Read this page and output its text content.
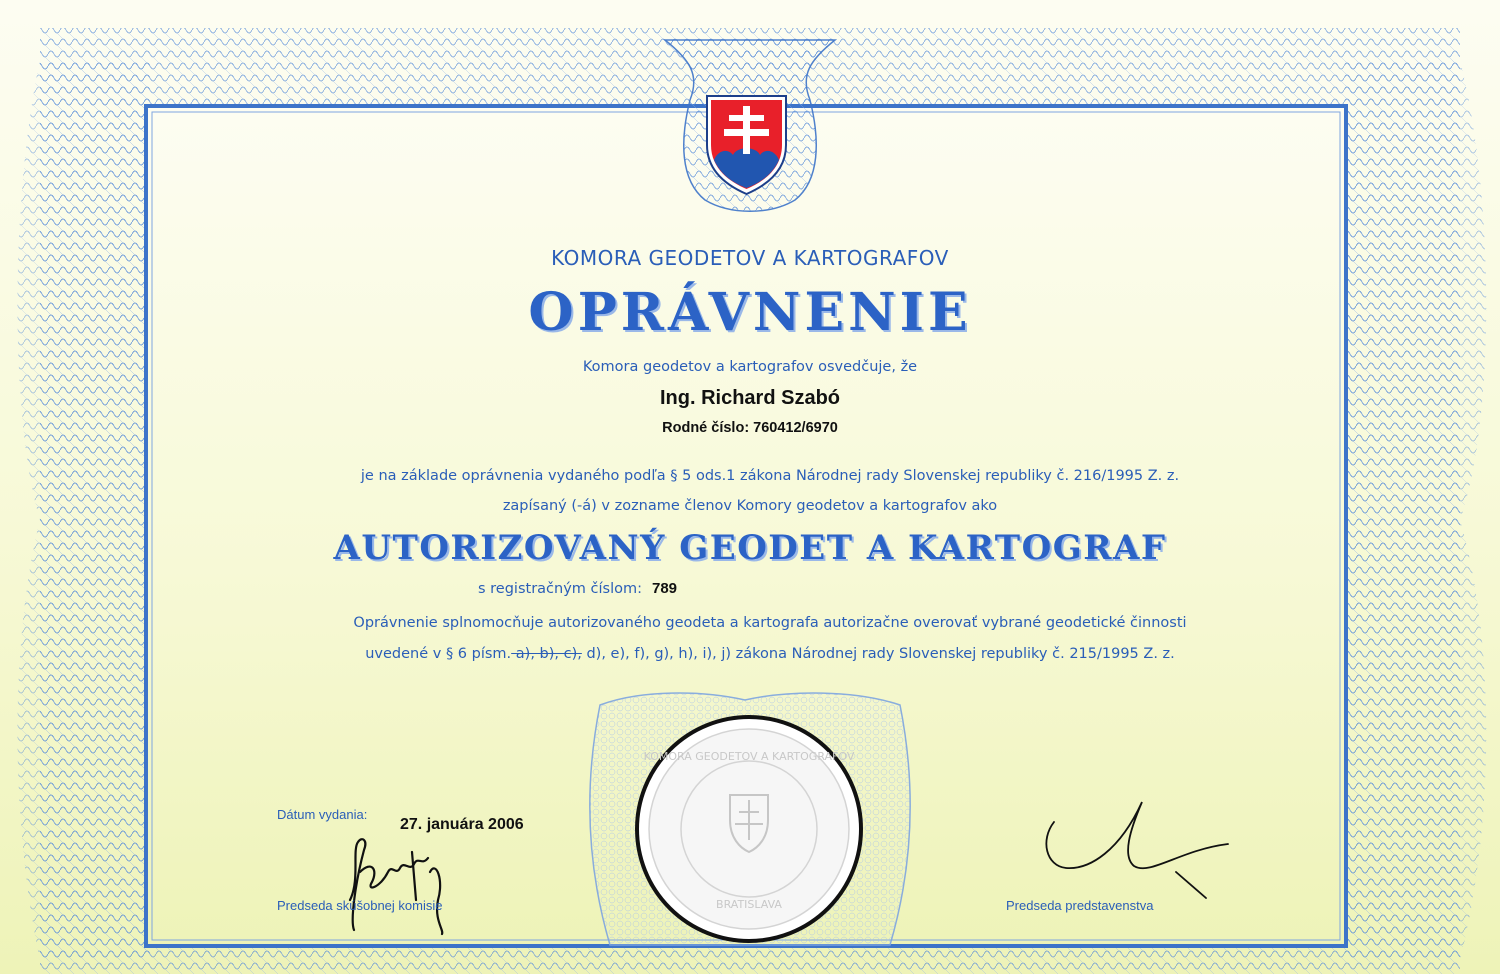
KOMORA GEODETOV A KARTOGRAFOV
BRATISLAVA
KOMORA GEODETOV A KARTOGRAFOV
OPRÁVNENIE
Komora geodetov a kartografov osvedčuje, že
Ing. Richard Szabó
Rodné číslo: 760412/6970
je na základe oprávnenia vydaného podľa § 5 ods.1 zákona Národnej rady Slovenskej republiky č. 216/1995 Z. z.
zapísaný (-á) v zozname členov Komory geodetov a kartografov ako
AUTORIZOVANÝ GEODET A KARTOGRAF
s registračným číslom: 789
Oprávnenie splnomocňuje autorizovaného geodeta a kartografa autorizačne overovať vybrané geodetické činnosti
uvedené v § 6 písm. a), b), c), d), e), f), g), h), i), j) zákona Národnej rady Slovenskej republiky č. 215/1995 Z. z.
Dátum vydania:
27. januára 2006
Predseda skúšobnej komisie	Predseda predstavenstva
